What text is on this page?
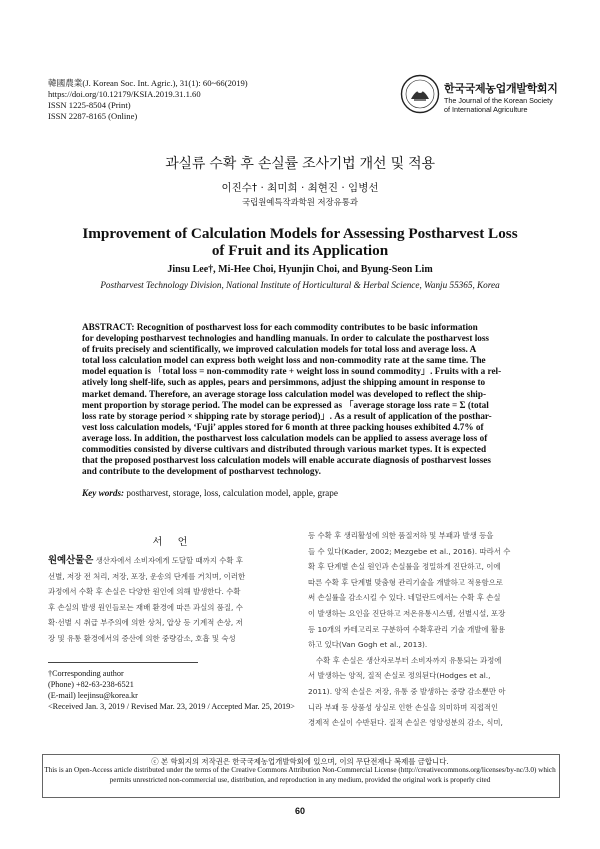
韓國農業(J. Korean Soc. Int. Agric.), 31(1): 60~66(2019)
https://doi.org/10.12179/KSIA.2019.31.1.60
ISSN 1225-8504 (Print)
ISSN 2287-8165 (Online)
한국국제농업개발학회지
The Journal of the Korean Society
of International Agriculture
과실류 수확 후 손실률 조사기법 개선 및 적용
이진수† · 최미희 · 최현진 · 임병선
국립원예특작과학원 저장유통과
Improvement of Calculation Models for Assessing Postharvest Loss
of Fruit and its Application
Jinsu Lee†, Mi-Hee Choi, Hyunjin Choi, and Byung-Seon Lim
Postharvest Technology Division, National Institute of Horticultural & Herbal Science, Wanju 55365, Korea
ABSTRACT: Recognition of postharvest loss for each commodity contributes to be basic information
for developing postharvest technologies and handling manuals. In order to calculate the postharvest loss
of fruits precisely and scientifically, we improved calculation models for total loss and average loss. A
total loss calculation model can express both weight loss and non-commodity rate at the same time. The
model equation is 「total loss = non-commodity rate + weight loss in sound commodity」. Fruits with a rel-
atively long shelf-life, such as apples, pears and persimmons, adjust the shipping amount in response to
market demand. Therefore, an average storage loss calculation model was developed to reflect the ship-
ment proportion by storage period. The model can be expressed as 「average storage loss rate = Σ (total
loss rate by storage period × shipping rate by storage period)」. As a result of application of the posthar-
vest loss calculation models, ‘Fuji’ apples stored for 6 month at three packing houses exhibited 4.7% of
average loss. In addition, the postharvest loss calculation models can be applied to assess average loss of
commodities consisted by diverse cultivars and distributed through various market types. It is expected
that the proposed postharvest loss calculation models will enable accurate diagnosis of postharvest losses
and contribute to the development of postharvest technology.
Key words: postharvest, storage, loss, calculation model, apple, grape
서 언
원예산물은 생산자에서 소비자에게 도달할 때까지 수확 후
선별, 저장 전 처리, 저장, 포장, 운송의 단계를 거치며, 이러한
과정에서 수확 후 손실은 다양한 원인에 의해 발생한다. 수확
후 손실의 발생 원인들로는 재배 환경에 따른 과실의 품질, 수
확·선별 시 취급 부주의에 의한 상처, 압상 등 기계적 손상, 저
장 및 유통 환경에서의 증산에 의한 중량감소, 호흡 및 숙성
등 수확 후 생리활성에 의한 품질저하 및 부패과 발생 등을
들 수 있다(Kader, 2002; Mezgebe et al., 2016). 따라서 수
확 후 단계별 손실 원인과 손실률을 정밀하게 진단하고, 이에
따른 수확 후 단계별 맞춤형 관리기술을 개발하고 적용함으로
써 손실률을 감소시킬 수 있다. 네덜란드에서는 수확 후 손실
이 발생하는 요인을 진단하고 저온유통시스템, 선별시설, 포장
등 10개의 카테고리로 구분하여 수확후관리 기술 개발에 활용
하고 있다(Van Gogh et al., 2013).
수확 후 손실은 생산자로부터 소비자까지 유통되는 과정에
서 발생하는 양적, 질적 손실로 정의된다(Hodges et al.,
2011). 양적 손실은 저장, 유통 중 발생하는 중량 감소뿐만 아
니라 부패 등 상품성 상실로 인한 손실을 의미하며 직접적인
경제적 손실이 수반된다. 질적 손실은 영양성분의 감소, 식미,
†Corresponding author
(Phone) +82-63-238-6521
(E-mail) leejinsu@korea.kr
<Received Jan. 3, 2019 / Revised Mar. 23, 2019 / Accepted Mar. 25, 2019>
ⓒ 본 학회지의 저작권은 한국국제농업개발학회에 있으며, 이의 무단전재나 복제를 금합니다.
This is an Open-Access article distributed under the terms of the Creative Commons Attribution Non-Commercial License (http://creativecommons.org/licenses/by-nc/3.0) which
permits unrestricted non-commercial use, distribution, and reproduction in any medium, provided the original work is properly cited
60
